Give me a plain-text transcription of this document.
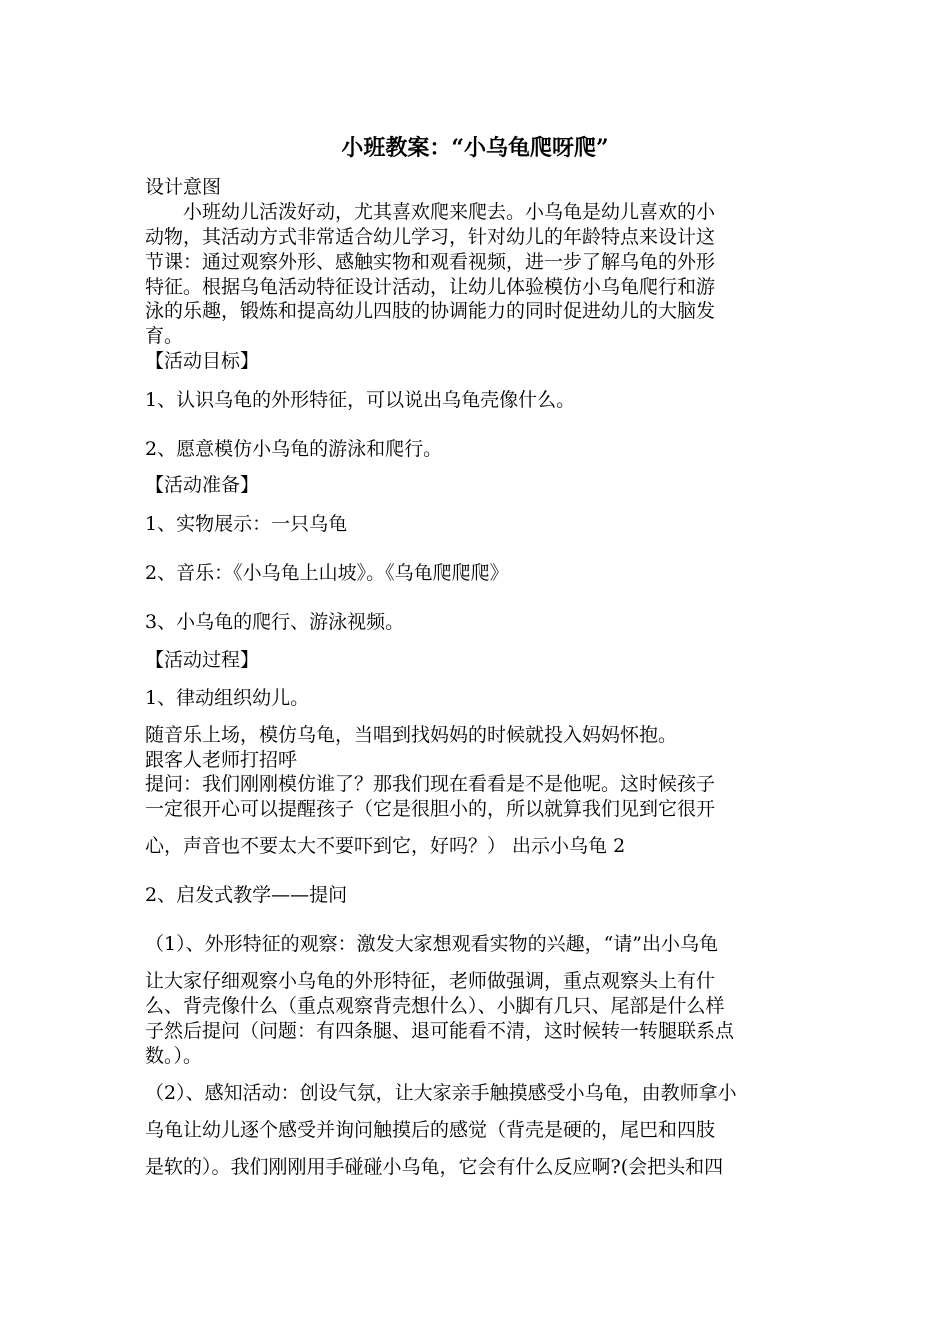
小班教案：“小乌龟爬呀爬”
设计意图
小班幼儿活泼好动，尤其喜欢爬来爬去。小乌龟是幼儿喜欢的小
动物，其活动方式非常适合幼儿学习，针对幼儿的年龄特点来设计这
节课：通过观察外形、感触实物和观看视频，进一步了解乌龟的外形
特征。根据乌龟活动特征设计活动，让幼儿体验模仿小乌龟爬行和游
泳的乐趣，锻炼和提高幼儿四肢的协调能力的同时促进幼儿的大脑发
育。
【活动目标】
1、认识乌龟的外形特征，可以说出乌龟壳像什么。
2、愿意模仿小乌龟的游泳和爬行。
【活动准备】
1、实物展示：一只乌龟
2、音乐：《小乌龟上山坡》。《乌龟爬爬爬》
3、小乌龟的爬行、游泳视频。
【活动过程】
1、律动组织幼儿。
随音乐上场，模仿乌龟，当唱到找妈妈的时候就投入妈妈怀抱。
跟客人老师打招呼
提问：我们刚刚模仿谁了？那我们现在看看是不是他呢。这时候孩子
一定很开心可以提醒孩子（它是很胆小的，所以就算我们见到它很开
心，声音也不要太大不要吓到它，好吗？） 出示小乌龟 2
2、启发式教学——提问
（1）、外形特征的观察：激发大家想观看实物的兴趣，“请”出小乌龟
让大家仔细观察小乌龟的外形特征，老师做强调，重点观察头上有什
么、背壳像什么（重点观察背壳想什么）、小脚有几只、尾部是什么样
子然后提问（问题：有四条腿、退可能看不清，这时候转一转腿联系点
数。）。
（2）、感知活动：创设气氛，让大家亲手触摸感受小乌龟，由教师拿小
乌龟让幼儿逐个感受并询问触摸后的感觉（背壳是硬的，尾巴和四肢
是软的）。我们刚刚用手碰碰小乌龟，它会有什么反应啊?(会把头和四
